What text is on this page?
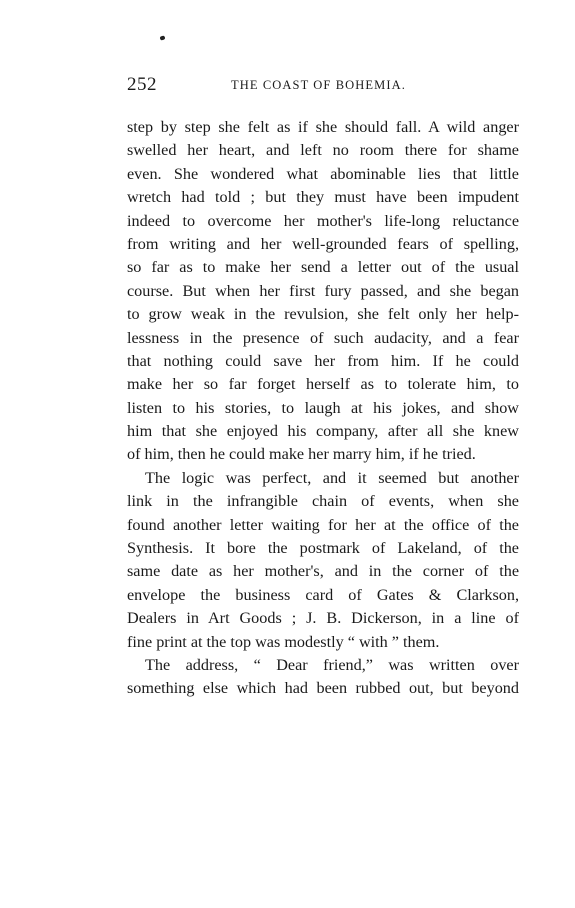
252	THE COAST OF BOHEMIA.
step by step she felt as if she should fall. A wild anger
swelled her heart, and left no room there for shame
even. She wondered what abominable lies that little
wretch had told ; but they must have been impudent
indeed to overcome her mother's life-long reluctance
from writing and her well-grounded fears of spelling,
so far as to make her send a letter out of the usual
course. But when her first fury passed, and she began
to grow weak in the revulsion, she felt only her help-
lessness in the presence of such audacity, and a fear
that nothing could save her from him. If he could
make her so far forget herself as to tolerate him, to
listen to his stories, to laugh at his jokes, and show
him that she enjoyed his company, after all she knew
of him, then he could make her marry him, if he tried.
The logic was perfect, and it seemed but another
link in the infrangible chain of events, when she
found another letter waiting for her at the office of the
Synthesis. It bore the postmark of Lakeland, of the
same date as her mother's, and in the corner of the
envelope the business card of Gates & Clarkson,
Dealers in Art Goods ; J. B. Dickerson, in a line of
fine print at the top was modestly “ with ” them.
The address, “ Dear friend,” was written over
something else which had been rubbed out, but beyond
